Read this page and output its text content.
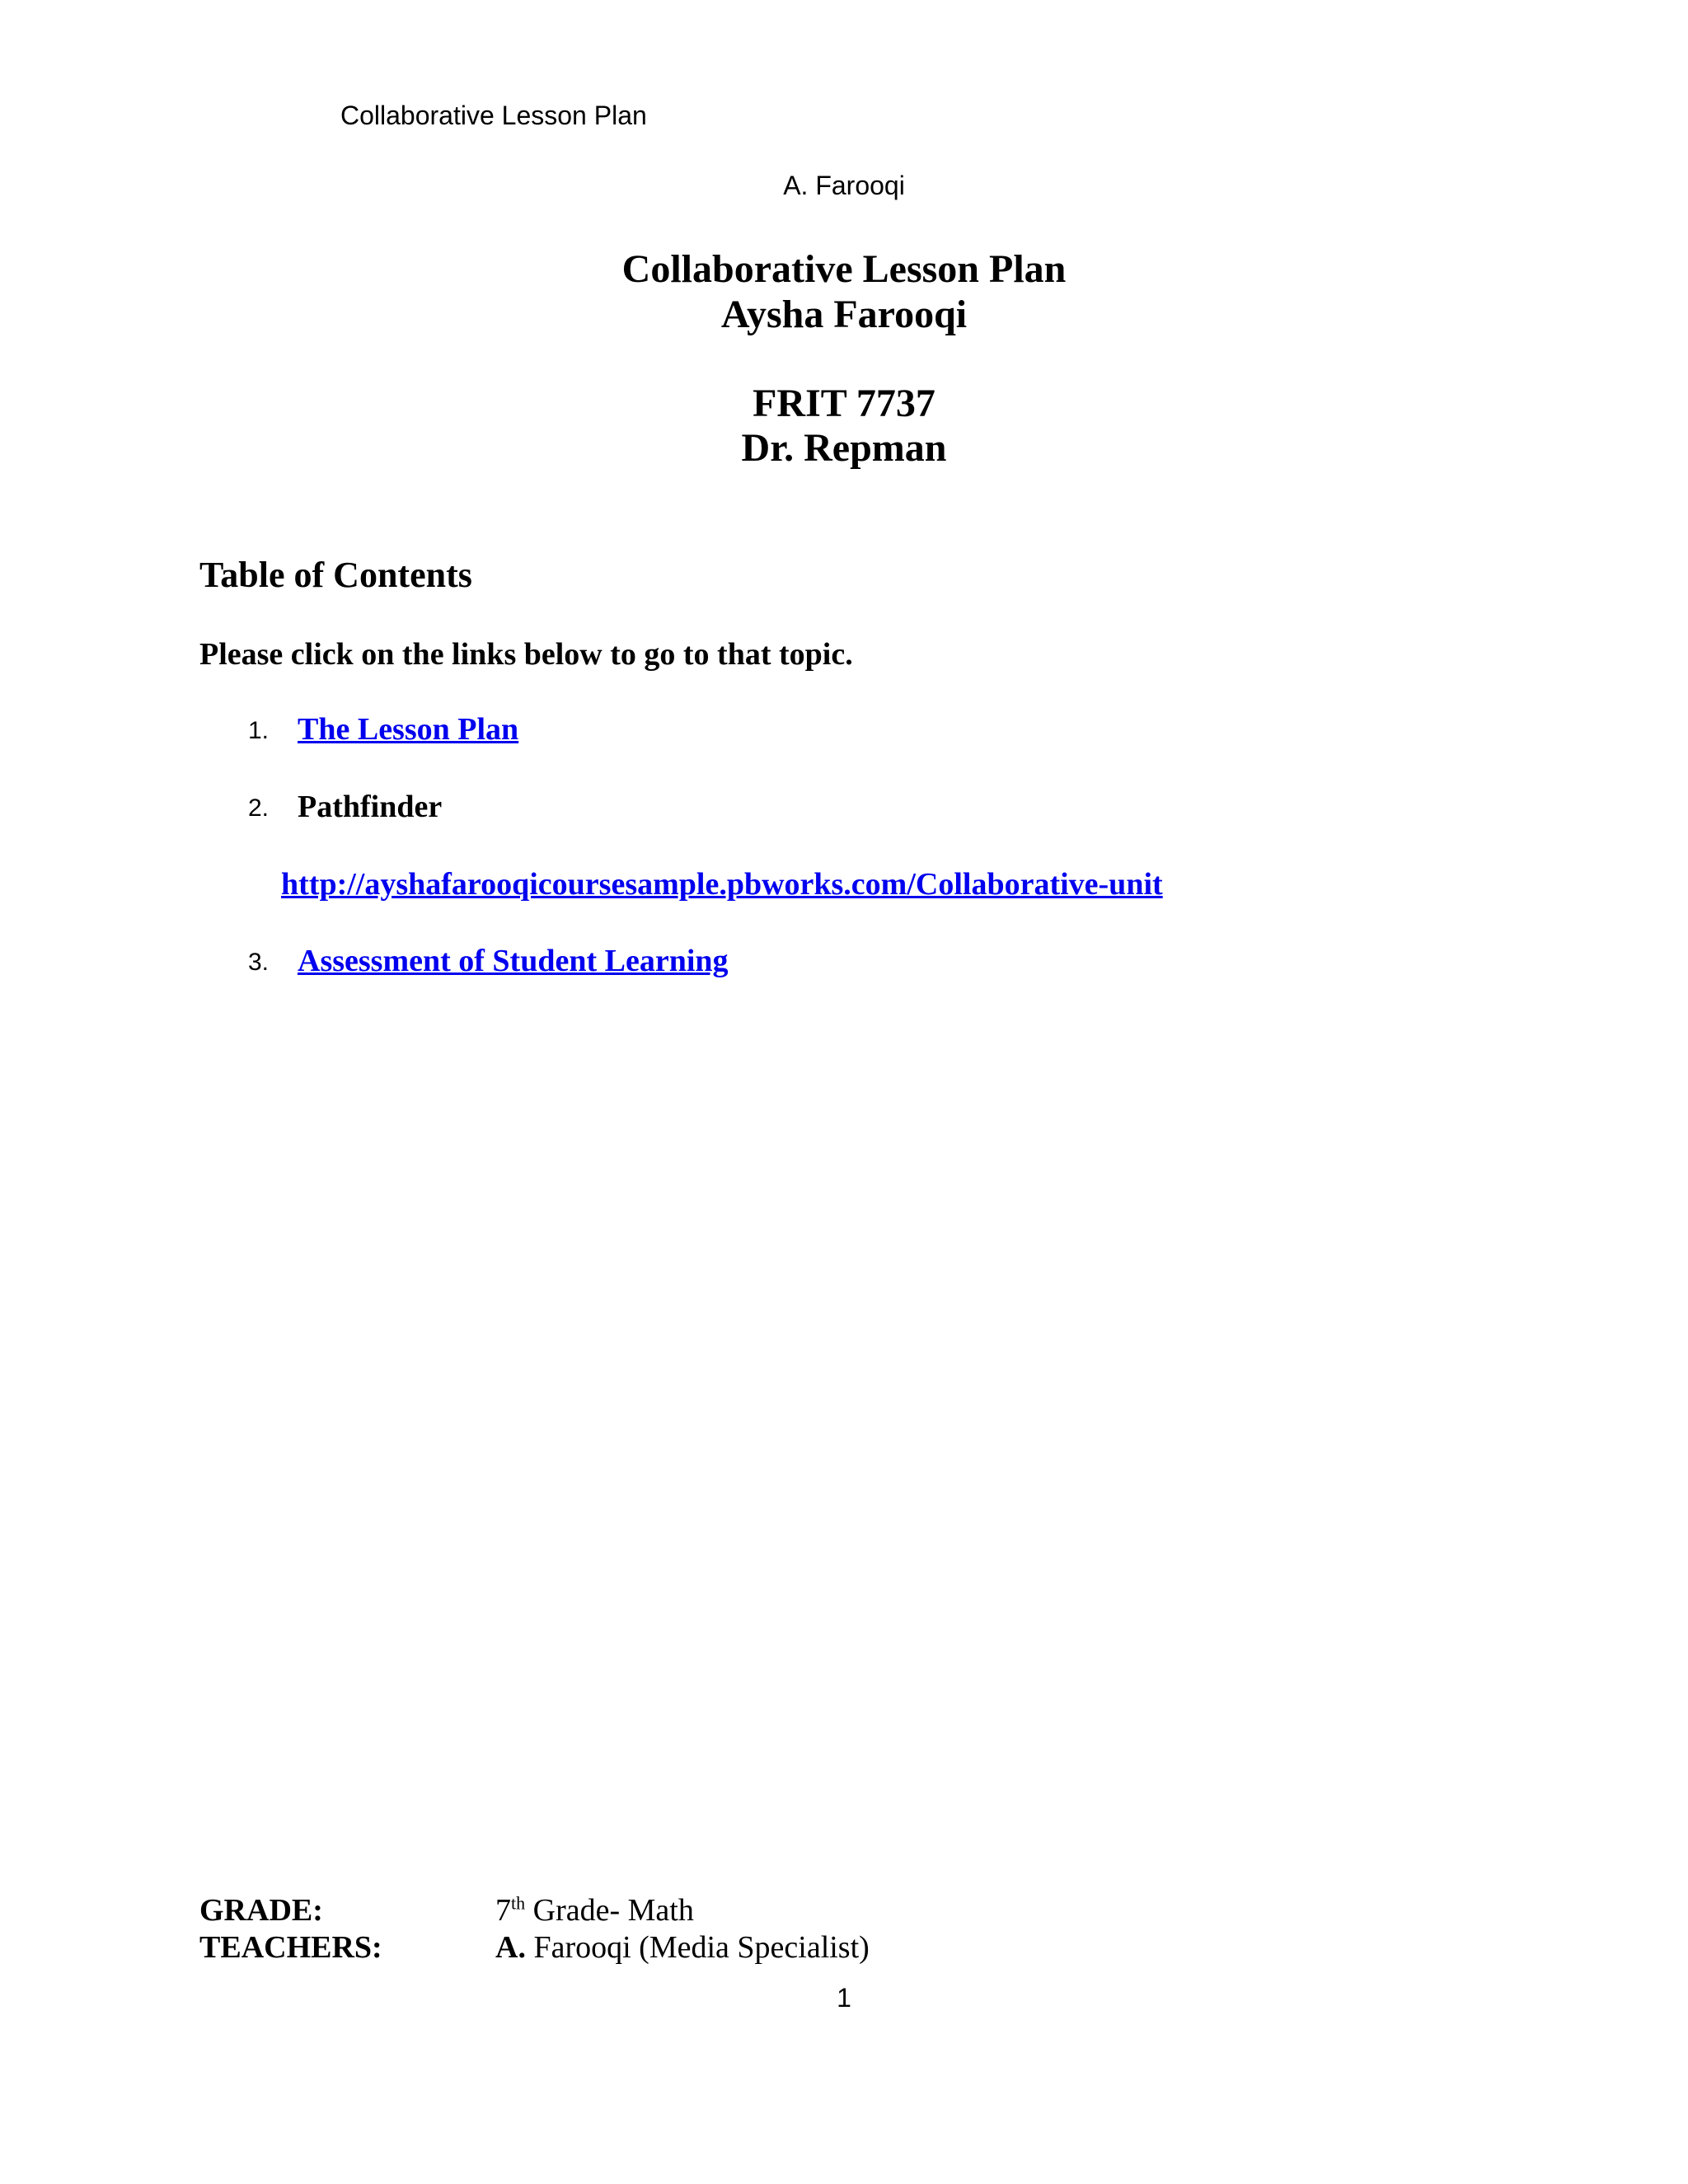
Collaborative Lesson Plan
A. Farooqi
Collaborative Lesson Plan
Aysha Farooqi
FRIT 7737
Dr. Repman
Table of Contents
Please click on the links below to go to that topic.
1. The Lesson Plan
2. Pathfinder
http://ayshafarooqicoursesample.pbworks.com/Collaborative-unit
3. Assessment of Student Learning
GRADE:	7th Grade- Math
TEACHERS:	A. Farooqi (Media Specialist)
1
